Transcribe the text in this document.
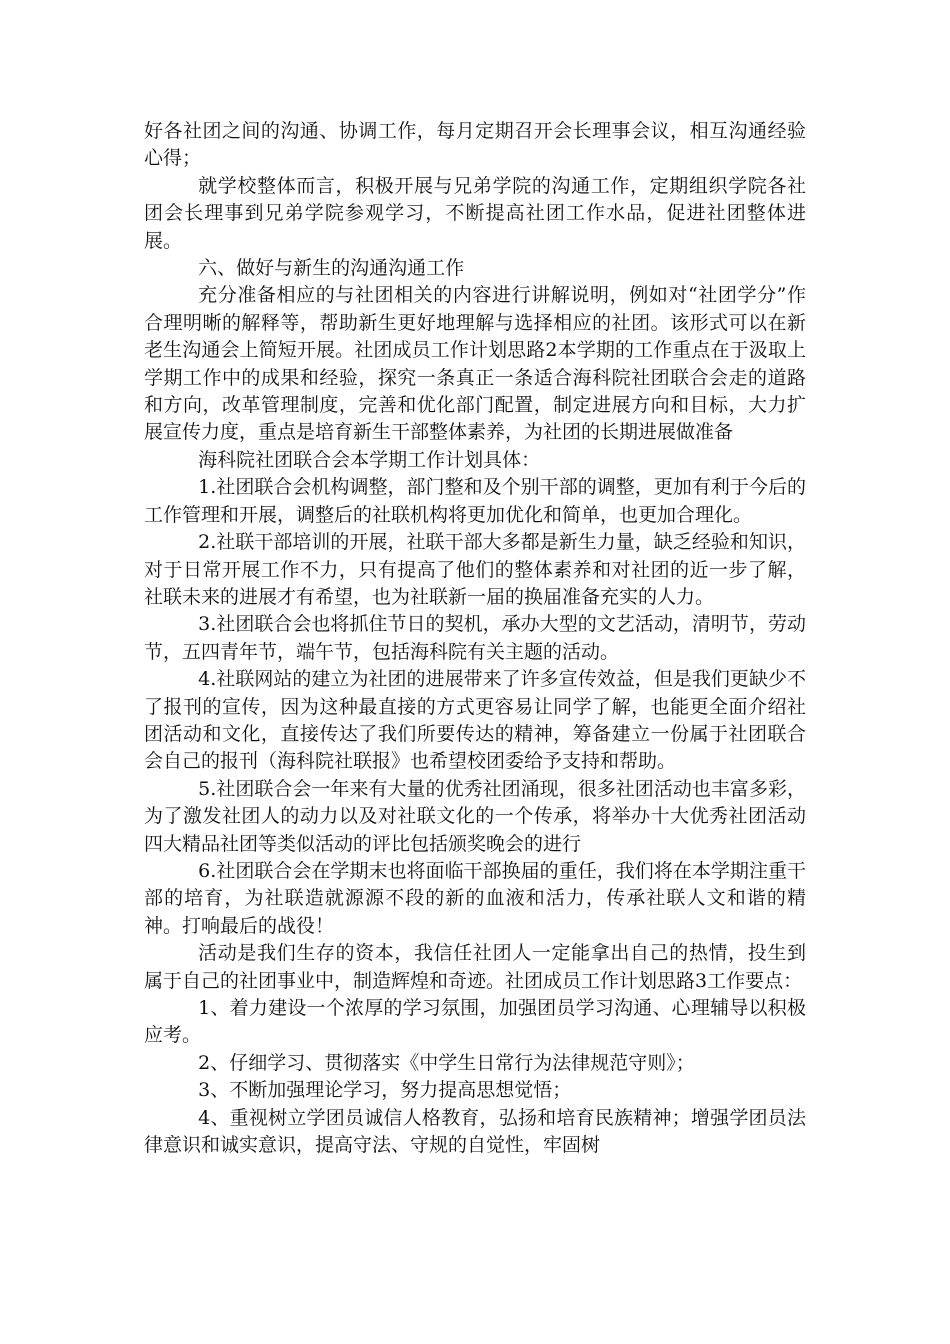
好各社团之间的沟通、协调工作，每月定期召开会长理事会议，相互沟通经验心得；

就学校整体而言，积极开展与兄弟学院的沟通工作，定期组织学院各社团会长理事到兄弟学院参观学习，不断提高社团工作水品，促进社团整体进展。

六、做好与新生的沟通沟通工作

充分准备相应的与社团相关的内容进行讲解说明，例如对“社团学分”作合理明晰的解释等，帮助新生更好地理解与选择相应的社团。该形式可以在新老生沟通会上简短开展。社团成员工作计划思路2本学期的工作重点在于汲取上学期工作中的成果和经验，探究一条真正一条适合海科院社团联合会走的道路和方向，改革管理制度，完善和优化部门配置，制定进展方向和目标，大力扩展宣传力度，重点是培育新生干部整体素养，为社团的长期进展做准备

海科院社团联合会本学期工作计划具体：

1.社团联合会机构调整，部门整和及个别干部的调整，更加有利于今后的工作管理和开展，调整后的社联机构将更加优化和简单，也更加合理化。

2.社联干部培训的开展，社联干部大多都是新生力量，缺乏经验和知识，对于日常开展工作不力，只有提高了他们的整体素养和对社团的近一步了解，社联未来的进展才有希望，也为社联新一届的换届准备充实的人力。

3.社团联合会也将抓住节日的契机，承办大型的文艺活动，清明节，劳动节，五四青年节，端午节，包括海科院有关主题的活动。

4.社联网站的建立为社团的进展带来了许多宣传效益，但是我们更缺少不了报刊的宣传，因为这种最直接的方式更容易让同学了解，也能更全面介绍社团活动和文化，直接传达了我们所要传达的精神，筹备建立一份属于社团联合会自己的报刊（海科院社联报》也希望校团委给予支持和帮助。

5.社团联合会一年来有大量的优秀社团涌现，很多社团活动也丰富多彩，为了激发社团人的动力以及对社联文化的一个传承，将举办十大优秀社团活动四大精品社团等类似活动的评比包括颁奖晚会的进行

6.社团联合会在学期末也将面临干部换届的重任，我们将在本学期注重干部的培育，为社联造就源源不段的新的血液和活力，传承社联人文和谐的精神。打响最后的战役！

活动是我们生存的资本，我信任社团人一定能拿出自己的热情，投生到属于自己的社团事业中，制造辉煌和奇迹。社团成员工作计划思路3工作要点：

1、着力建设一个浓厚的学习氛围，加强团员学习沟通、心理辅导以积极应考。

2、仔细学习、贯彻落实《中学生日常行为法律规范守则》；

3、不断加强理论学习，努力提高思想觉悟；

4、重视树立学团员诚信人格教育，弘扬和培育民族精神；增强学团员法律意识和诚实意识，提高守法、守规的自觉性，牢固树
